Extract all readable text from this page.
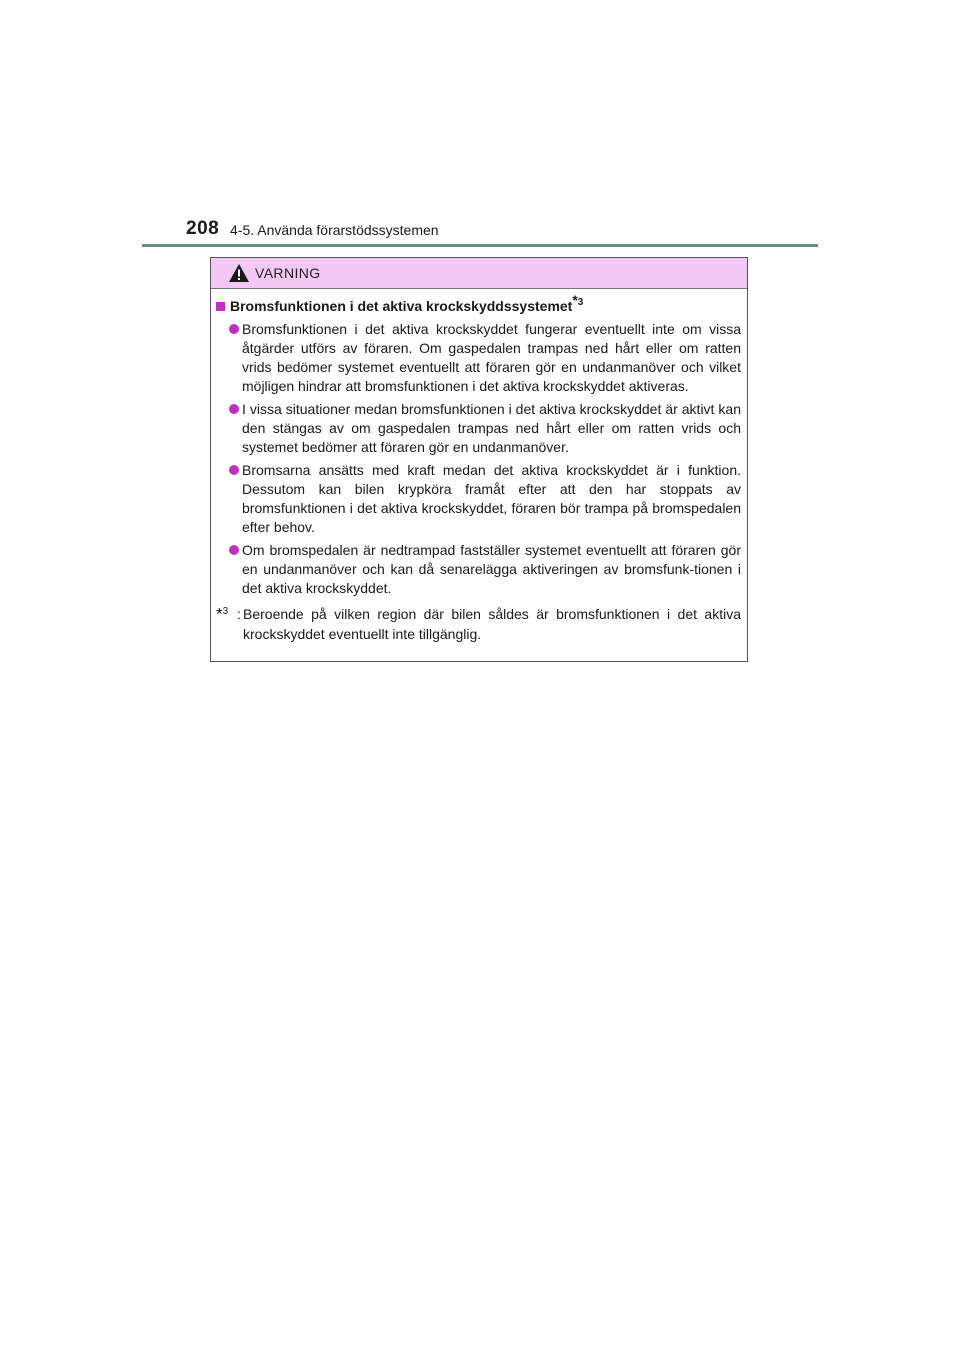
208 4-5. Använda förarstödssystemen
VARNING
Bromsfunktionen i det aktiva krockskyddssystemet$^{*3}$
Bromsfunktionen i det aktiva krockskyddet fungerar eventuellt inte om vissa åtgärder utförs av föraren. Om gaspedalen trampas ned hårt eller om ratten vrids bedömer systemet eventuellt att föraren gör en undanmanöver och vilket möjligen hindrar att bromsfunktionen i det aktiva krockskyddet aktiveras.
I vissa situationer medan bromsfunktionen i det aktiva krockskyddet är aktivt kan den stängas av om gaspedalen trampas ned hårt eller om ratten vrids och systemet bedömer att föraren gör en undanmanöver.
Bromsarna ansätts med kraft medan det aktiva krockskyddet är i funktion. Dessutom kan bilen krypköra framåt efter att den har stoppats av bromsfunktionen i det aktiva krockskyddet, föraren bör trampa på bromspedalen efter behov.
Om bromspedalen är nedtrampad fastställer systemet eventuellt att föraren gör en undanmanöver och kan då senarelägga aktiveringen av bromsfunk-tionen i det aktiva krockskyddet.
*$^3$ : Beroende på vilken region där bilen såldes är bromsfunktionen i det aktiva krockskyddet eventuellt inte tillgänglig.
